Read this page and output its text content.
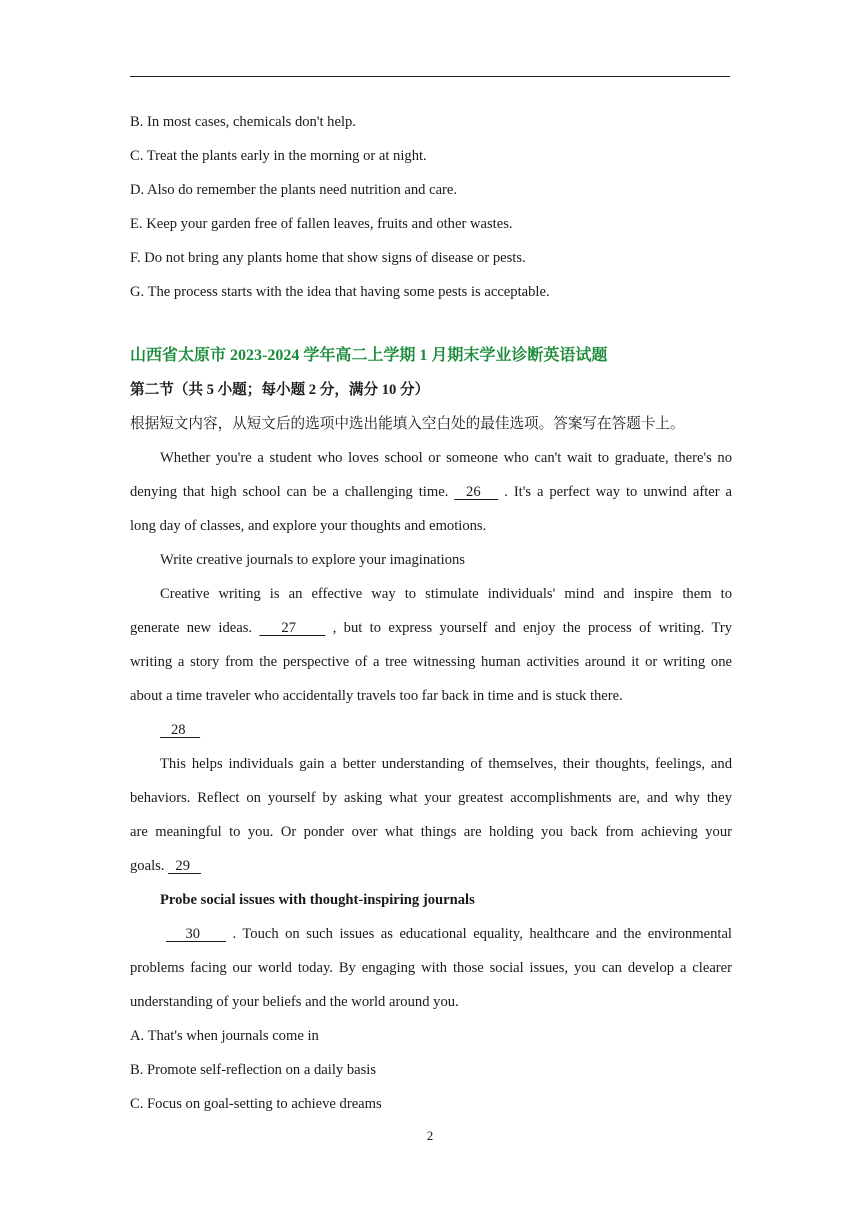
B. In most cases, chemicals don't help.
C. Treat the plants early in the morning or at night.
D. Also do remember the plants need nutrition and care.
E. Keep your garden free of fallen leaves, fruits and other wastes.
F. Do not bring any plants home that show signs of disease or pests.
G. The process starts with the idea that having some pests is acceptable.
山西省太原市 2023-2024 学年高二上学期 1 月期末学业诊断英语试题
第二节（共 5 小题；每小题 2 分，满分 10 分）
根据短文内容，从短文后的选项中选出能填入空白处的最佳选项。答案写在答题卡上。
Whether you're a student who loves school or someone who can't wait to graduate, there's no
denying that high school can be a challenging time.   26    . It's a perfect way to unwind after a
long day of classes, and explore your thoughts and emotions.
Write creative journals to explore your imaginations
Creative writing is an effective way to stimulate individuals' mind and inspire them to
generate new ideas.    27     , but to express yourself and enjoy the process of writing. Try
writing a story from the perspective of a tree witnessing human activities around it or writing one
about a time traveler who accidentally travels too far back in time and is stuck there.
28
This helps individuals gain a better understanding of themselves, their thoughts, feelings, and
behaviors. Reflect on yourself by asking what your greatest accomplishments are, and why they
are meaningful to you. Or ponder over what things are holding you back from achieving your
goals.   29
Probe social issues with thought-inspiring journals
30     . Touch on such issues as educational equality, healthcare and the environmental
problems facing our world today. By engaging with those social issues, you can develop a clearer
understanding of your beliefs and the world around you.
A. That's when journals come in
B. Promote self-reflection on a daily basis
C. Focus on goal-setting to achieve dreams
2
